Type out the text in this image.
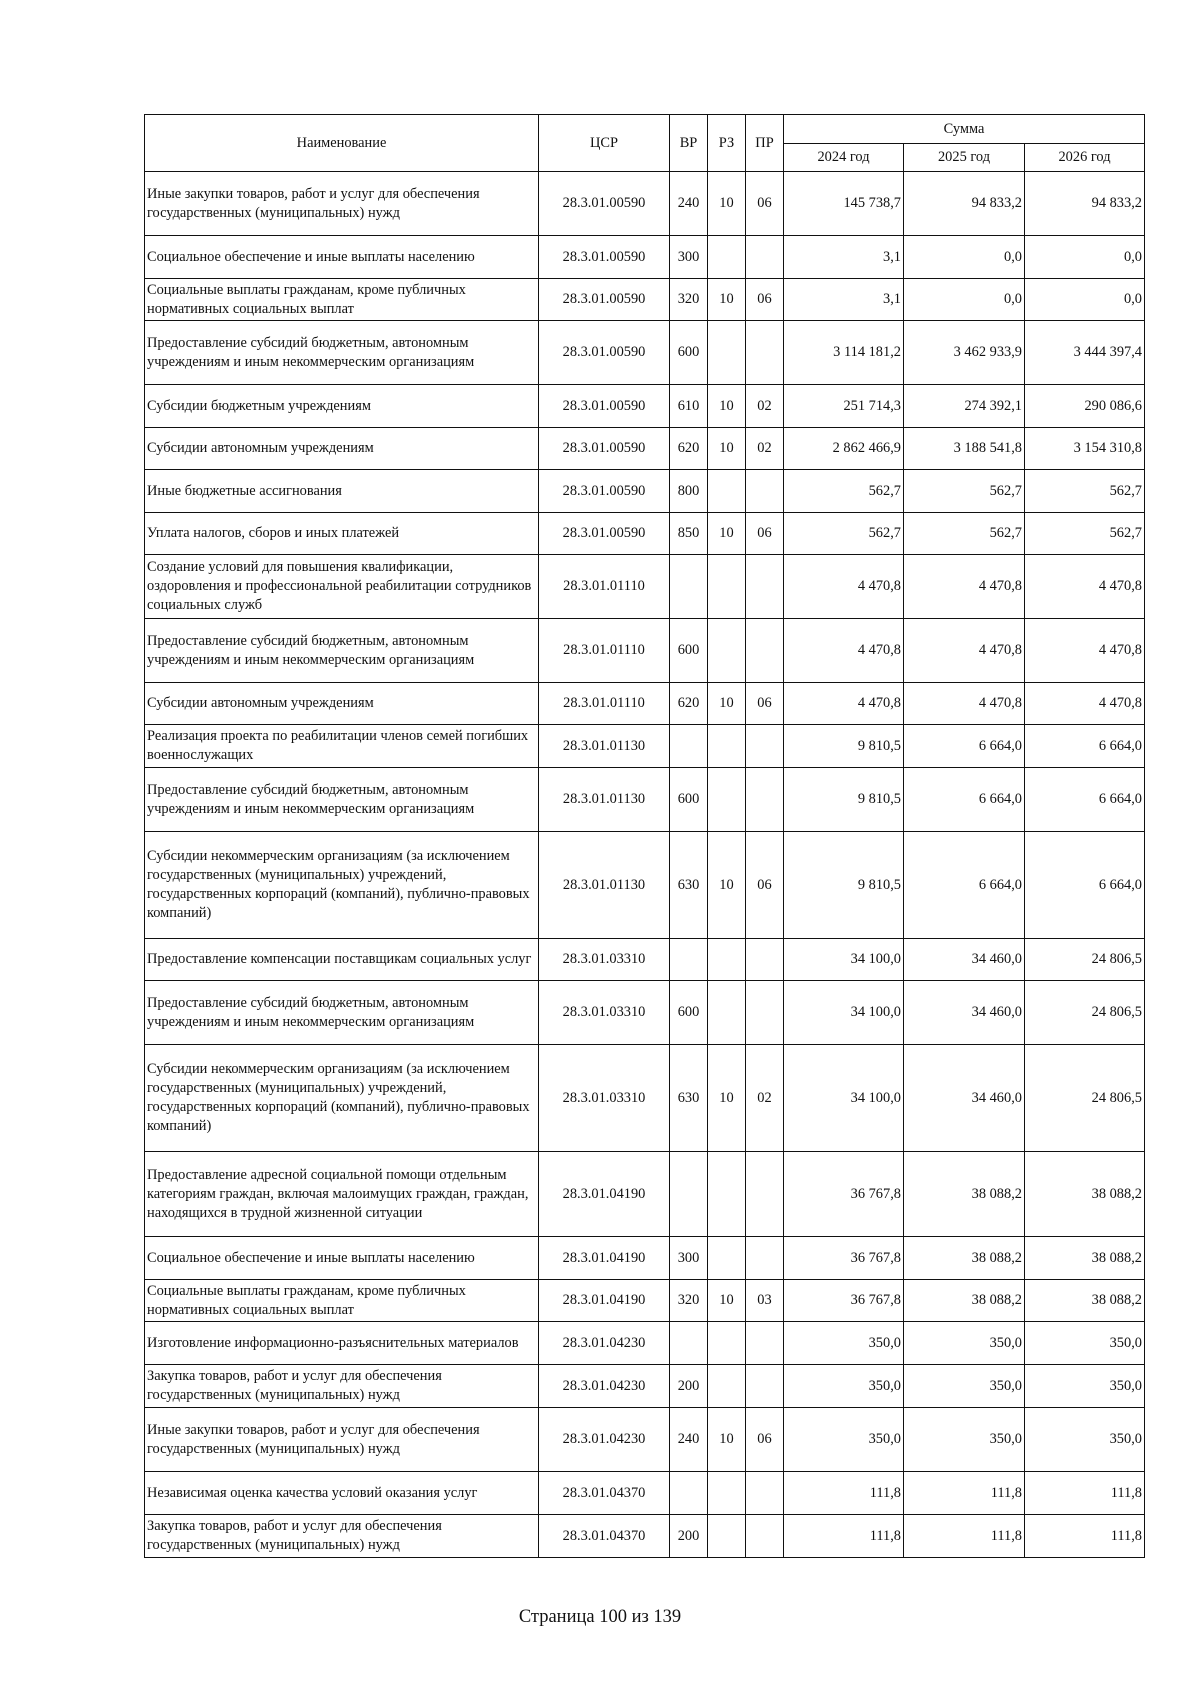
Наименование	ЦСР	ВР	РЗ	ПР	Сумма		
					2024 год	2025 год	2026 год
Иные закупки товаров, работ и услуг для обеспечения государственных (муниципальных) нужд	28.3.01.00590	240	10	06	145 738,7	94 833,2	94 833,2
Социальное обеспечение и иные выплаты населению	28.3.01.00590	300			3,1	0,0	0,0
Социальные выплаты гражданам, кроме публичных нормативных социальных выплат	28.3.01.00590	320	10	06	3,1	0,0	0,0
Предоставление субсидий бюджетным, автономным учреждениям и иным некоммерческим организациям	28.3.01.00590	600			3 114 181,2	3 462 933,9	3 444 397,4
Субсидии бюджетным учреждениям	28.3.01.00590	610	10	02	251 714,3	274 392,1	290 086,6
Субсидии автономным учреждениям	28.3.01.00590	620	10	02	2 862 466,9	3 188 541,8	3 154 310,8
Иные бюджетные ассигнования	28.3.01.00590	800			562,7	562,7	562,7
Уплата налогов, сборов и иных платежей	28.3.01.00590	850	10	06	562,7	562,7	562,7
Создание условий для повышения квалификации, оздоровления и профессиональной реабилитации сотрудников социальных служб	28.3.01.01110				4 470,8	4 470,8	4 470,8
Предоставление субсидий бюджетным, автономным учреждениям и иным некоммерческим организациям	28.3.01.01110	600			4 470,8	4 470,8	4 470,8
Субсидии автономным учреждениям	28.3.01.01110	620	10	06	4 470,8	4 470,8	4 470,8
Реализация проекта по реабилитации членов семей погибших военнослужащих	28.3.01.01130				9 810,5	6 664,0	6 664,0
Предоставление субсидий бюджетным, автономным учреждениям и иным некоммерческим организациям	28.3.01.01130	600			9 810,5	6 664,0	6 664,0
Субсидии некоммерческим организациям (за исключением государственных (муниципальных) учреждений, государственных корпораций (компаний), публично-правовых компаний)	28.3.01.01130	630	10	06	9 810,5	6 664,0	6 664,0
Предоставление компенсации поставщикам социальных услуг	28.3.01.03310				34 100,0	34 460,0	24 806,5
Предоставление субсидий бюджетным, автономным учреждениям и иным некоммерческим организациям	28.3.01.03310	600			34 100,0	34 460,0	24 806,5
Субсидии некоммерческим организациям (за исключением государственных (муниципальных) учреждений, государственных корпораций (компаний), публично-правовых компаний)	28.3.01.03310	630	10	02	34 100,0	34 460,0	24 806,5
Предоставление адресной социальной помощи отдельным категориям граждан, включая малоимущих граждан, граждан, находящихся в трудной жизненной ситуации	28.3.01.04190				36 767,8	38 088,2	38 088,2
Социальное обеспечение и иные выплаты населению	28.3.01.04190	300			36 767,8	38 088,2	38 088,2
Социальные выплаты гражданам, кроме публичных нормативных социальных выплат	28.3.01.04190	320	10	03	36 767,8	38 088,2	38 088,2
Изготовление информационно-разъяснительных материалов	28.3.01.04230				350,0	350,0	350,0
Закупка товаров, работ и услуг для обеспечения государственных (муниципальных) нужд	28.3.01.04230	200			350,0	350,0	350,0
Иные закупки товаров, работ и услуг для обеспечения государственных (муниципальных) нужд	28.3.01.04230	240	10	06	350,0	350,0	350,0
Независимая оценка качества условий оказания услуг	28.3.01.04370				111,8	111,8	111,8
Закупка товаров, работ и услуг для обеспечения государственных (муниципальных) нужд	28.3.01.04370	200			111,8	111,8	111,8
Страница 100 из 139
